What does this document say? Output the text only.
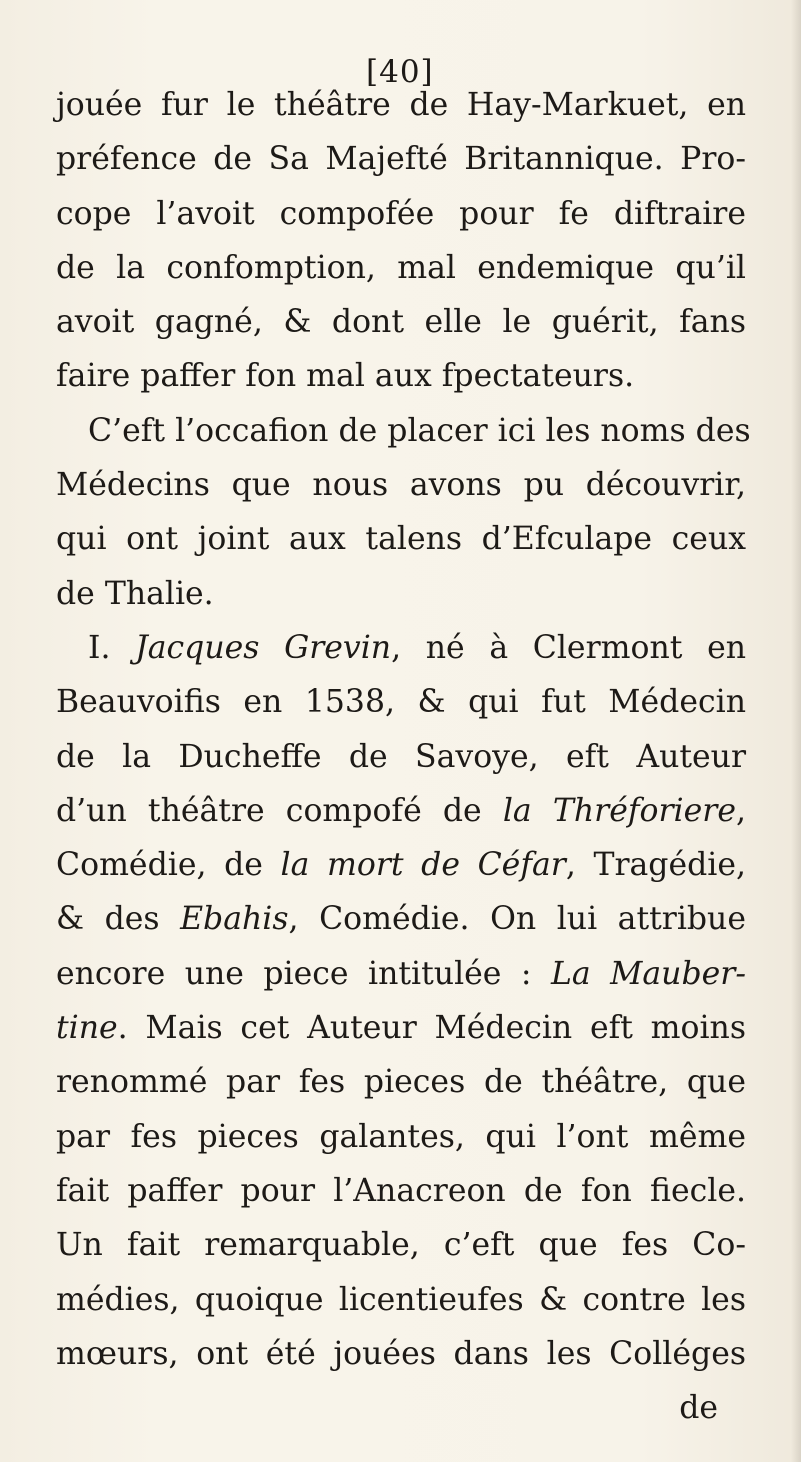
[40]
jouée fur le théâtre de Hay-Markuet, en
préfence de Sa Majefté Britannique. Pro-
cope l’avoit compofée pour fe diftraire
de la confomption, mal endemique qu’il
avoit gagné, & dont elle le guérit, fans
faire paffer fon mal aux fpectateurs.
C’eft l’occafion de placer ici les noms des
Médecins que nous avons pu découvrir,
qui ont joint aux talens d’Efculape ceux
de Thalie.
I. Jacques Grevin, né à Clermont en
Beauvoifis en 1538, & qui fut Médecin
de la Ducheffe de Savoye, eft Auteur
d’un théâtre compofé de la Thréforiere,
Comédie, de la mort de Céfar, Tragédie,
& des Ebahis, Comédie. On lui attribue
encore une piece intitulée : La Mauber-
tine. Mais cet Auteur Médecin eft moins
renommé par fes pieces de théâtre, que
par fes pieces galantes, qui l’ont même
fait paffer pour l’Anacreon de fon fiecle.
Un fait remarquable, c’eft que fes Co-
médies, quoique licentieufes & contre les
mœurs, ont été jouées dans les Colléges
de
